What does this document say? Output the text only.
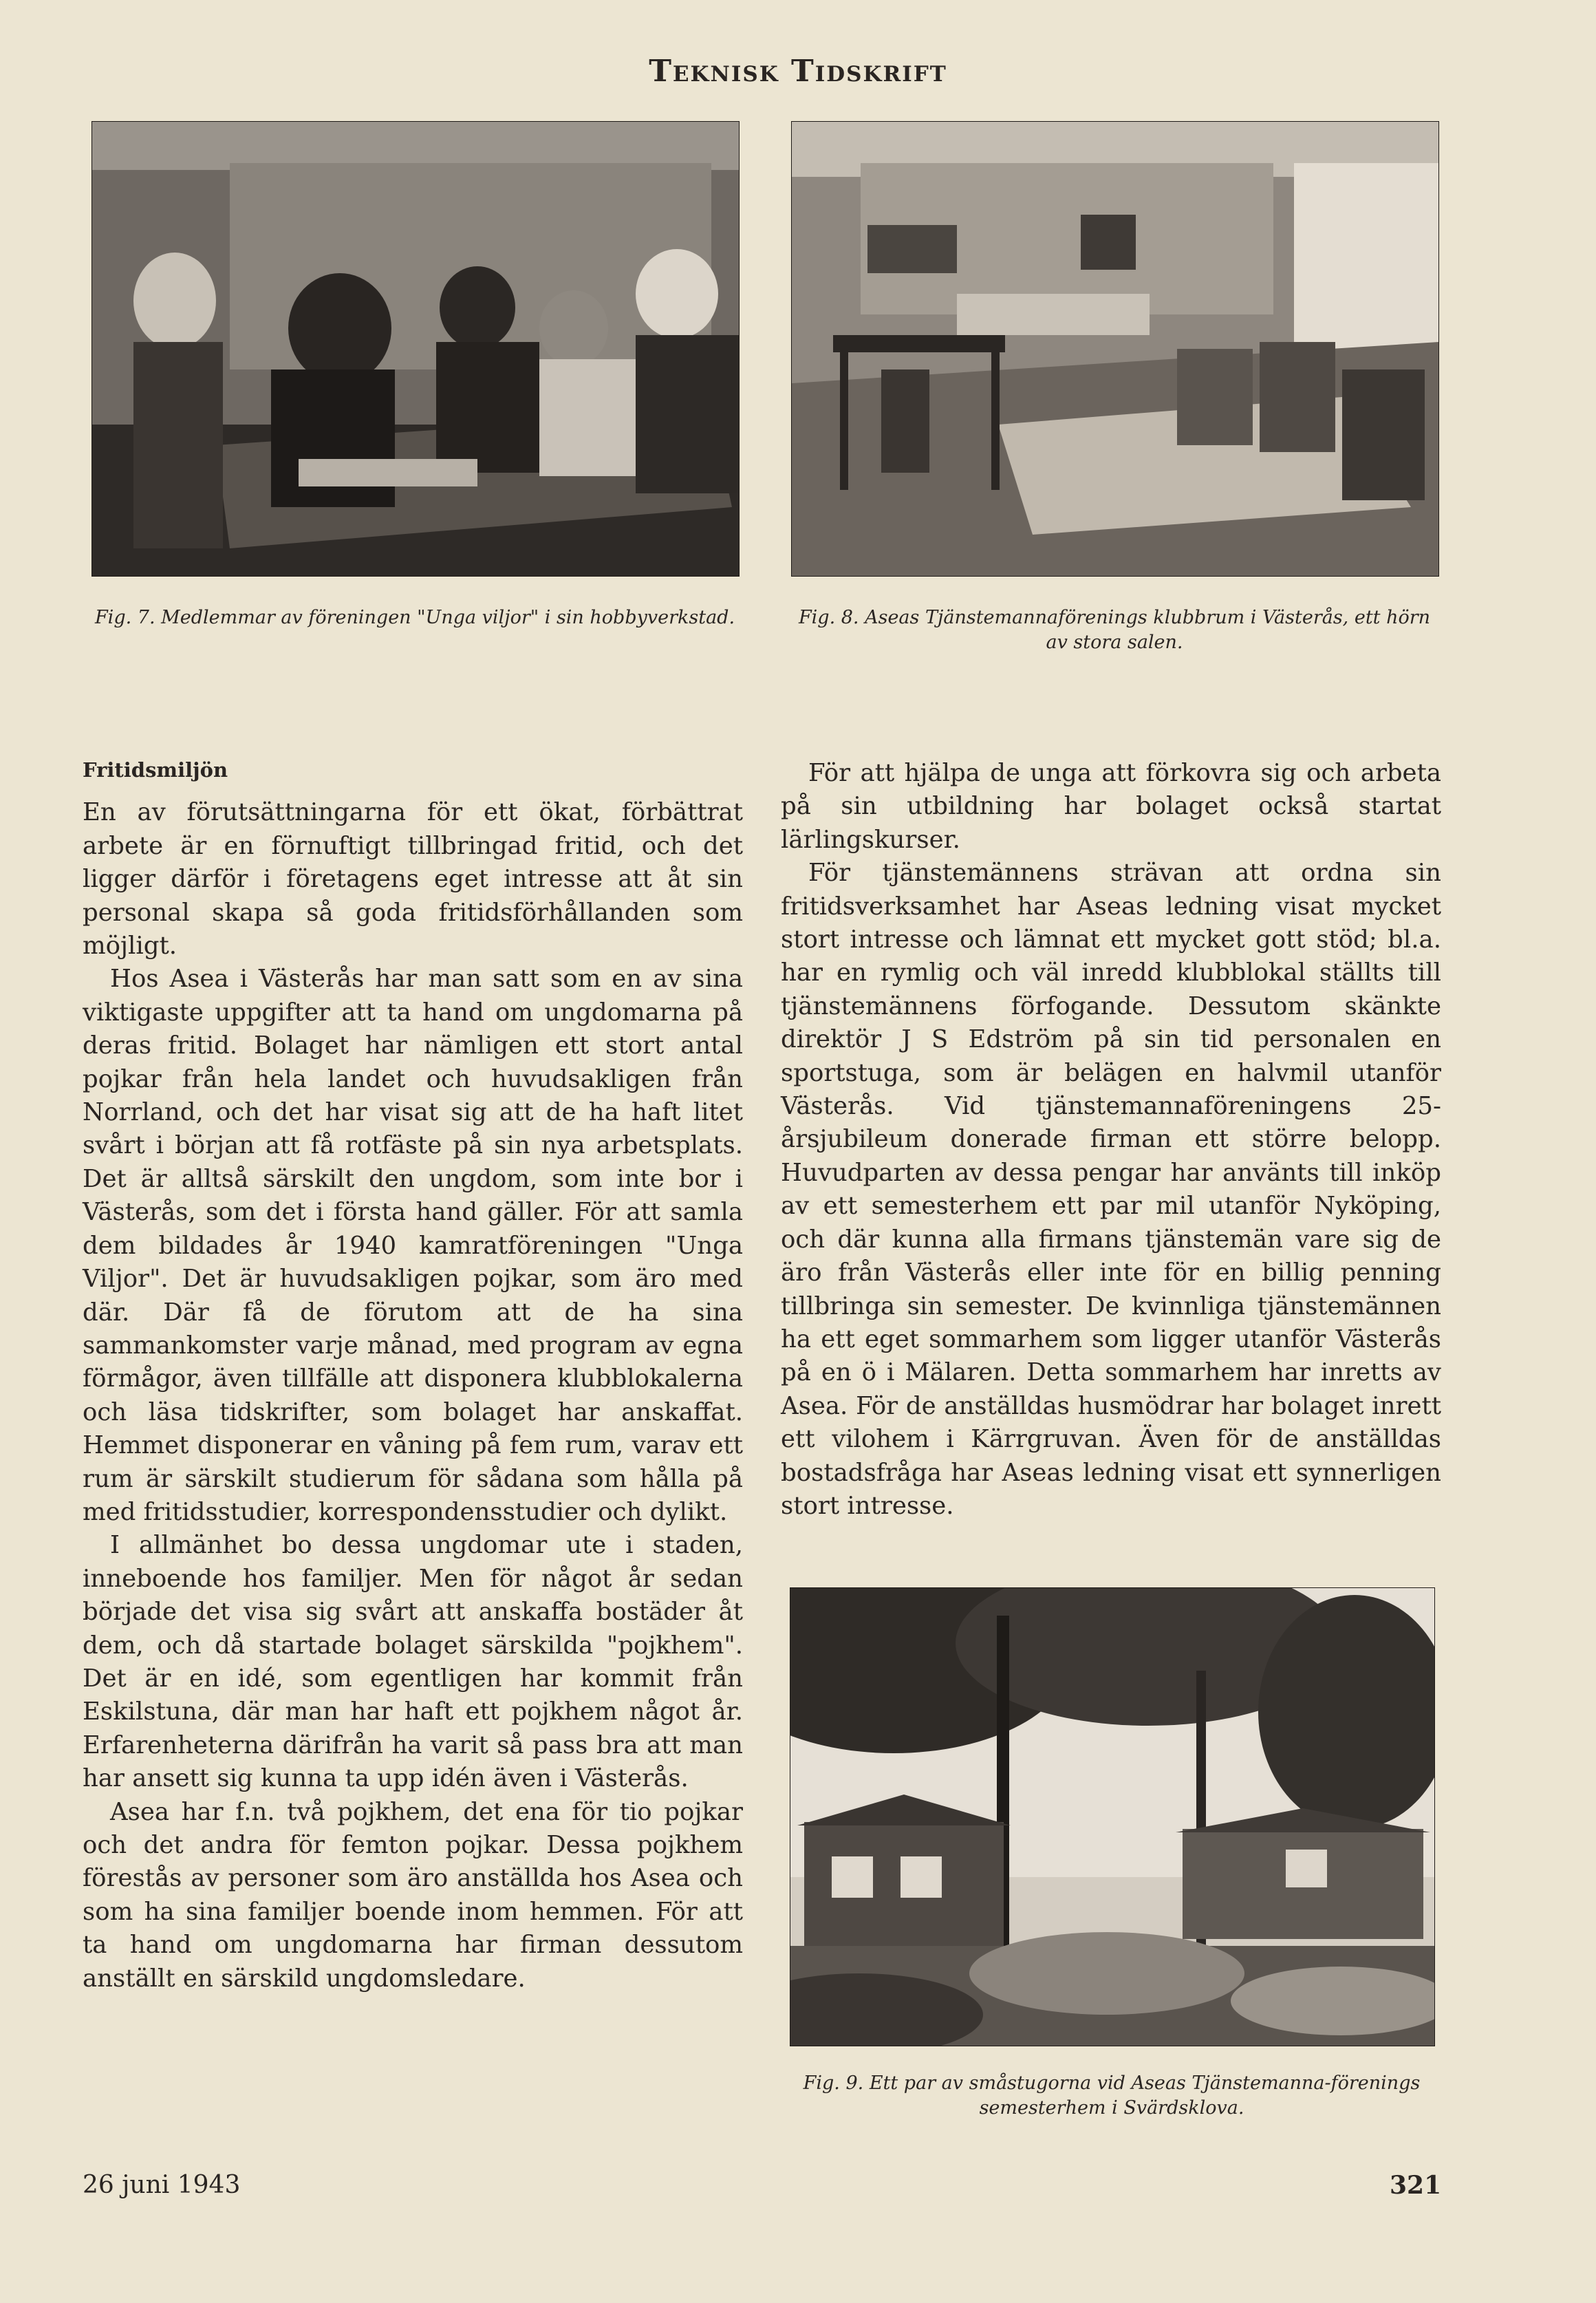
Teknisk Tidskrift
Fig. 7. Medlemmar av föreningen "Unga viljor" i sin hobbyverkstad.	Fig. 8. Aseas Tjänstemannaförenings klubbrum i Västerås, ett hörn av stora salen.
Fritidsmiljön

En av förutsättningarna för ett ökat, förbättrat arbete är en förnuftigt tillbringad fritid, och det ligger därför i företagens eget intresse att åt sin personal skapa så goda fritidsförhållanden som möjligt.

Hos Asea i Västerås har man satt som en av sina viktigaste uppgifter att ta hand om ungdomarna på deras fritid. Bolaget har nämligen ett stort antal pojkar från hela landet och huvudsakligen från Norrland, och det har visat sig att de ha haft litet svårt i början att få rotfäste på sin nya arbetsplats. Det är alltså särskilt den ungdom, som inte bor i Västerås, som det i första hand gäller. För att samla dem bildades år 1940 kamratföreningen "Unga Viljor". Det är huvudsakligen pojkar, som äro med där. Där få de förutom att de ha sina sammankomster varje månad, med program av egna förmågor, även tillfälle att disponera klubblokalerna och läsa tidskrifter, som bolaget har anskaffat. Hemmet disponerar en våning på fem rum, varav ett rum är särskilt studierum för sådana som hålla på med fritidsstudier, korrespondensstudier och dylikt.

I allmänhet bo dessa ungdomar ute i staden, inneboende hos familjer. Men för något år sedan började det visa sig svårt att anskaffa bostäder åt dem, och då startade bolaget särskilda "pojkhem". Det är en idé, som egentligen har kommit från Eskilstuna, där man har haft ett pojkhem något år. Erfarenheterna därifrån ha varit så pass bra att man har ansett sig kunna ta upp idén även i Västerås.

Asea har f.n. två pojkhem, det ena för tio pojkar och det andra för femton pojkar. Dessa pojkhem förestås av personer som äro anställda hos Asea och som ha sina familjer boende inom hemmen. För att ta hand om ungdomarna har firman dessutom anställt en särskild ungdomsledare.

För att hjälpa de unga att förkovra sig och arbeta på sin utbildning har bolaget också startat lärlingskurser.

För tjänstemännens strävan att ordna sin fritidsverksamhet har Aseas ledning visat mycket stort intresse och lämnat ett mycket gott stöd; bl.a. har en rymlig och väl inredd klubblokal ställts till tjänstemännens förfogande. Dessutom skänkte direktör J S Edström på sin tid personalen en sportstuga, som är belägen en halvmil utanför Västerås. Vid tjänstemannaföreningens 25-årsjubileum donerade firman ett större belopp. Huvudparten av dessa pengar har använts till inköp av ett semesterhem ett par mil utanför Nyköping, och där kunna alla firmans tjänstemän vare sig de äro från Västerås eller inte för en billig penning tillbringa sin semester. De kvinnliga tjänstemännen ha ett eget sommarhem som ligger utanför Västerås på en ö i Mälaren. Detta sommarhem har inretts av Asea. För de anställdas husmödrar har bolaget inrett ett vilohem i Kärrgruvan. Även för de anställdas bostadsfråga har Aseas ledning visat ett synnerligen stort intresse.

Fig. 9. Ett par av småstugorna vid Aseas Tjänstemanna-förenings semesterhem i Svärdsklova.
26 juni 1943	321
